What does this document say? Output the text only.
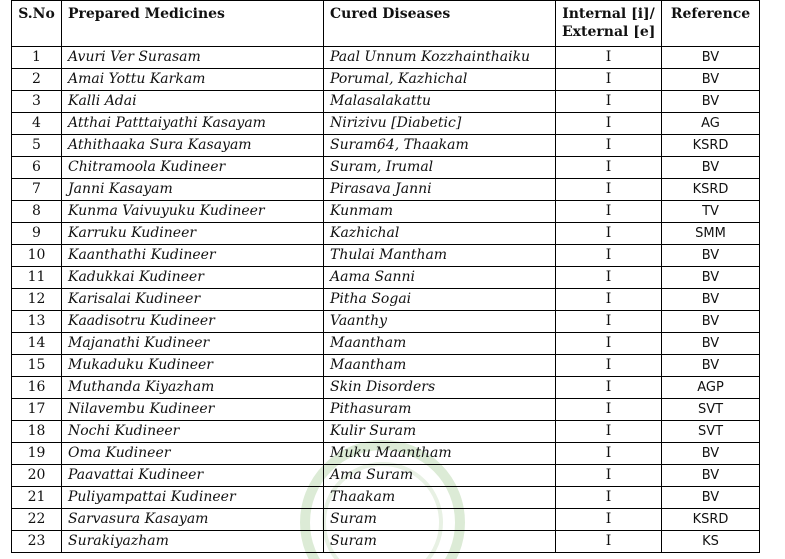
S.No	Prepared Medicines	Cured Diseases	Internal [i]/
External [e]	Reference
1	Avuri Ver Surasam	Paal Unnum Kozzhainthaiku	I	BV
2	Amai Yottu Karkam	Porumal, Kazhichal	I	BV
3	Kalli Adai	Malasalakattu	I	BV
4	Atthai Patttaiyathi Kasayam	Nirizivu [Diabetic]	I	AG
5	Athithaaka Sura Kasayam	Suram64, Thaakam	I	KSRD
6	Chitramoola Kudineer	Suram, Irumal	I	BV
7	Janni Kasayam	Pirasava Janni	I	KSRD
8	Kunma Vaivuyuku Kudineer	Kunmam	I	TV
9	Karruku Kudineer	Kazhichal	I	SMM
10	Kaanthathi Kudineer	Thulai Mantham	I	BV
11	Kadukkai Kudineer	Aama Sanni	I	BV
12	Karisalai Kudineer	Pitha Sogai	I	BV
13	Kaadisotru Kudineer	Vaanthy	I	BV
14	Majanathi Kudineer	Maantham	I	BV
15	Mukaduku Kudineer	Maantham	I	BV
16	Muthanda Kiyazham	Skin Disorders	I	AGP
17	Nilavembu Kudineer	Pithasuram	I	SVT
18	Nochi Kudineer	Kulir Suram	I	SVT
19	Oma Kudineer	Muku Maantham	I	BV
20	Paavattai Kudineer	Ama Suram	I	BV
21	Puliyampattai Kudineer	Thaakam	I	BV
22	Sarvasura Kasayam	Suram	I	KSRD
23	Surakiyazham	Suram	I	KS
